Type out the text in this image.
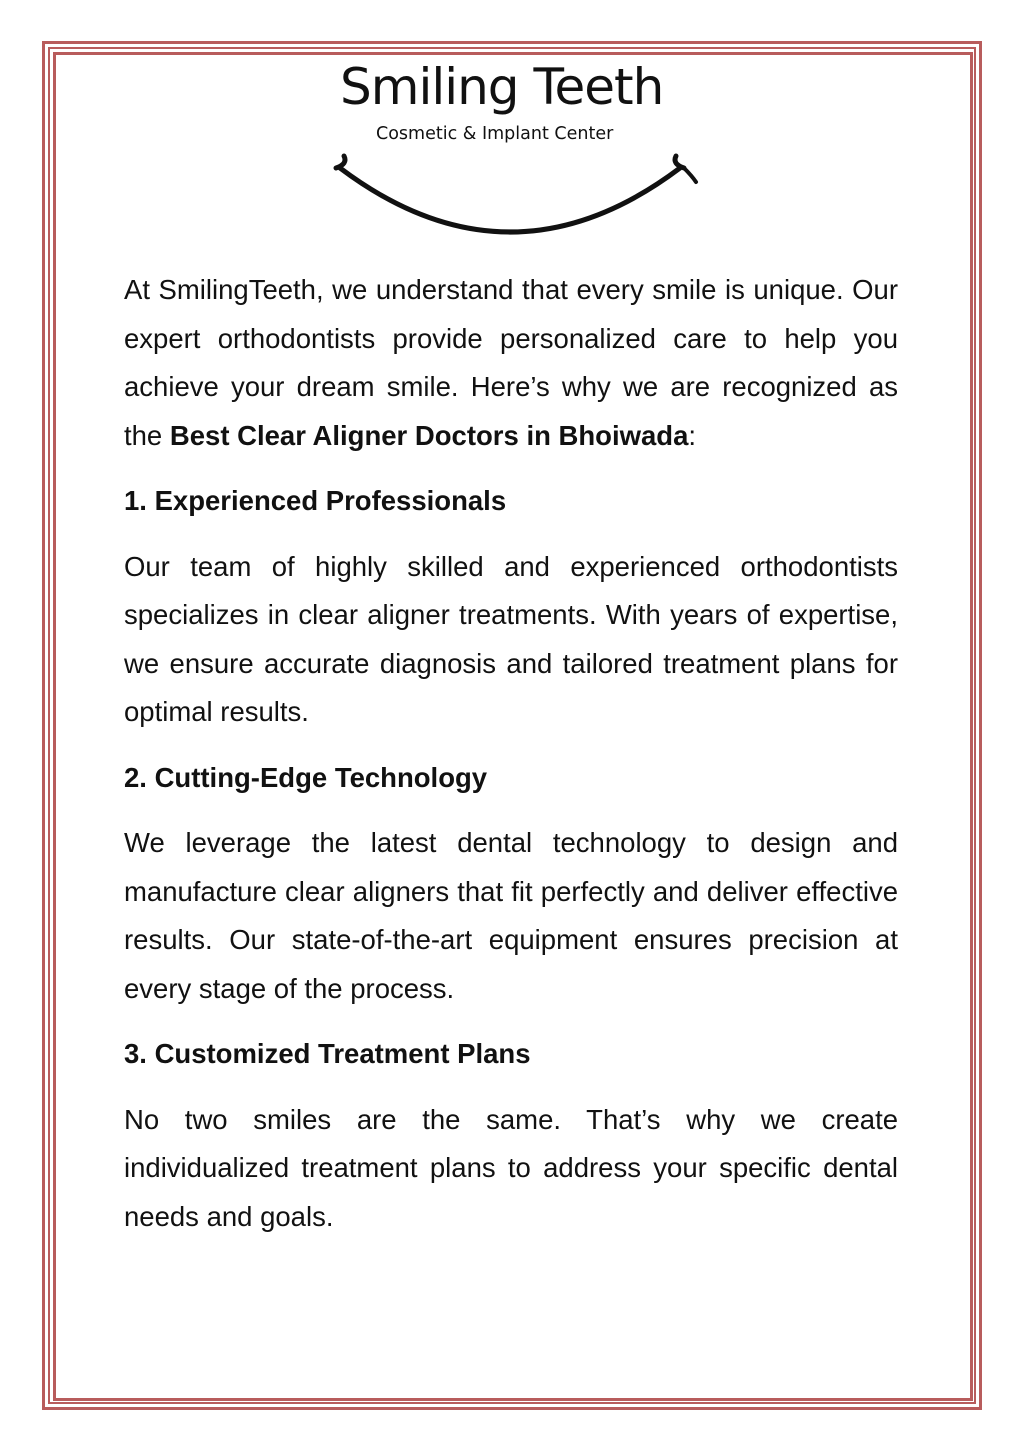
Smiling Teeth
Cosmetic & Implant Center

At SmilingTeeth, we understand that every smile is unique. Our expert orthodontists provide personalized care to help you achieve your dream smile. Here’s why we are recognized as the Best Clear Aligner Doctors in Bhoiwada:

1. Experienced Professionals

Our team of highly skilled and experienced orthodontists specializes in clear aligner treatments. With years of expertise, we ensure accurate diagnosis and tailored treatment plans for optimal results.

2. Cutting-Edge Technology

We leverage the latest dental technology to design and manufacture clear aligners that fit perfectly and deliver effective results. Our state-of-the-art equipment ensures precision at every stage of the process.

3. Customized Treatment Plans

No two smiles are the same. That’s why we create individualized treatment plans to address your specific dental needs and goals.
